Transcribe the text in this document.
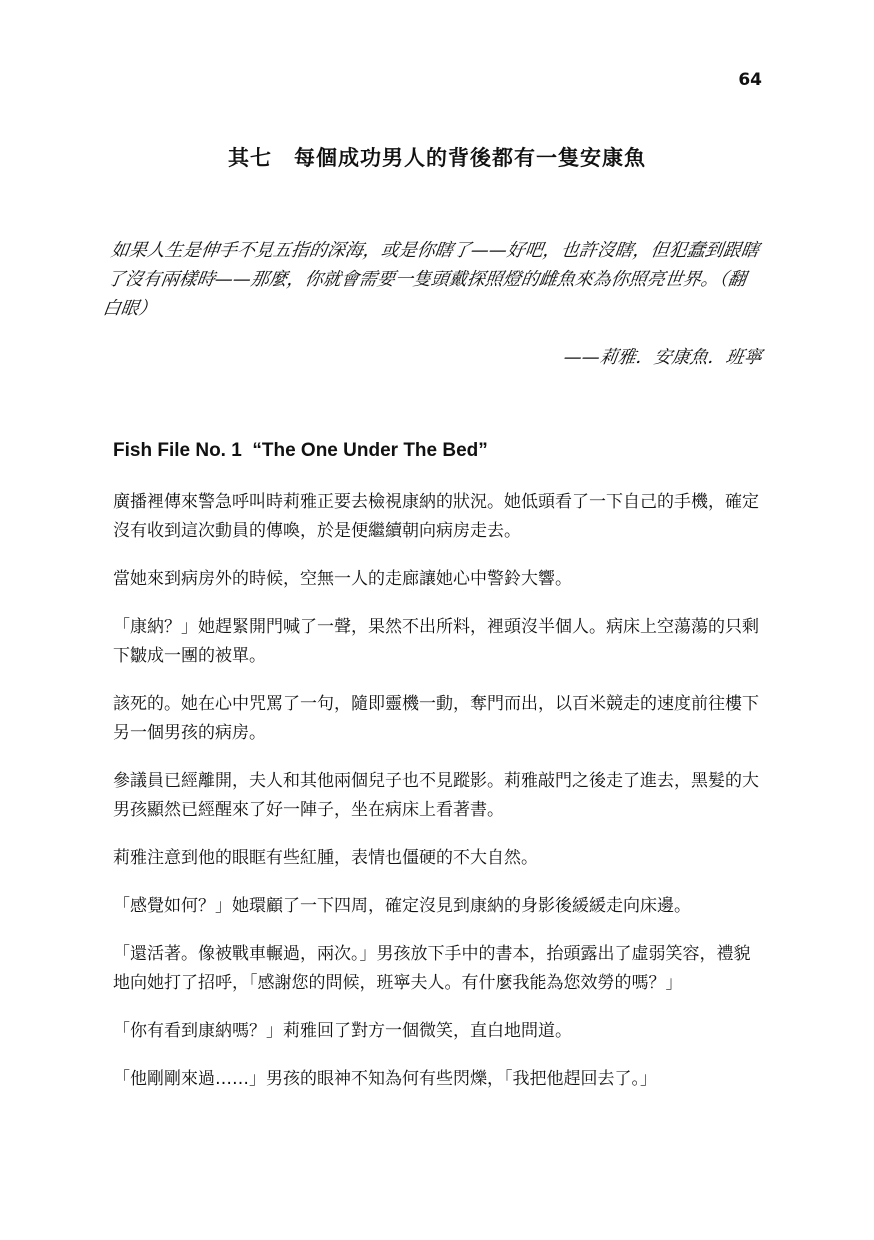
64
其七　每個成功男人的背後都有一隻安康魚
如果人生是伸手不見五指的深海，或是你瞎了——好吧，也許沒瞎，但犯蠢到跟瞎了沒有兩樣時——那麼，你就會需要一隻頭戴探照燈的雌魚來為你照亮世界。（翻白眼）
——莉雅．安康魚．班寧
Fish File No. 1  “The One Under The Bed”

廣播裡傳來警急呼叫時莉雅正要去檢視康納的狀況。她低頭看了一下自己的手機，確定沒有收到這次動員的傳喚，於是便繼續朝向病房走去。

當她來到病房外的時候，空無一人的走廊讓她心中警鈴大響。

「康納？」她趕緊開門喊了一聲，果然不出所料，裡頭沒半個人。病床上空蕩蕩的只剩下皺成一團的被單。

該死的。她在心中咒罵了一句，隨即靈機一動，奪門而出，以百米競走的速度前往樓下另一個男孩的病房。

參議員已經離開，夫人和其他兩個兒子也不見蹤影。莉雅敲門之後走了進去，黑髮的大男孩顯然已經醒來了好一陣子，坐在病床上看著書。

莉雅注意到他的眼眶有些紅腫，表情也僵硬的不大自然。

「感覺如何？」她環顧了一下四周，確定沒見到康納的身影後緩緩走向床邊。

「還活著。像被戰車輾過，兩次。」男孩放下手中的書本，抬頭露出了虛弱笑容，禮貌地向她打了招呼，「感謝您的問候，班寧夫人。有什麼我能為您效勞的嗎？」

「你有看到康納嗎？」莉雅回了對方一個微笑，直白地問道。

「他剛剛來過……」男孩的眼神不知為何有些閃爍，「我把他趕回去了。」
